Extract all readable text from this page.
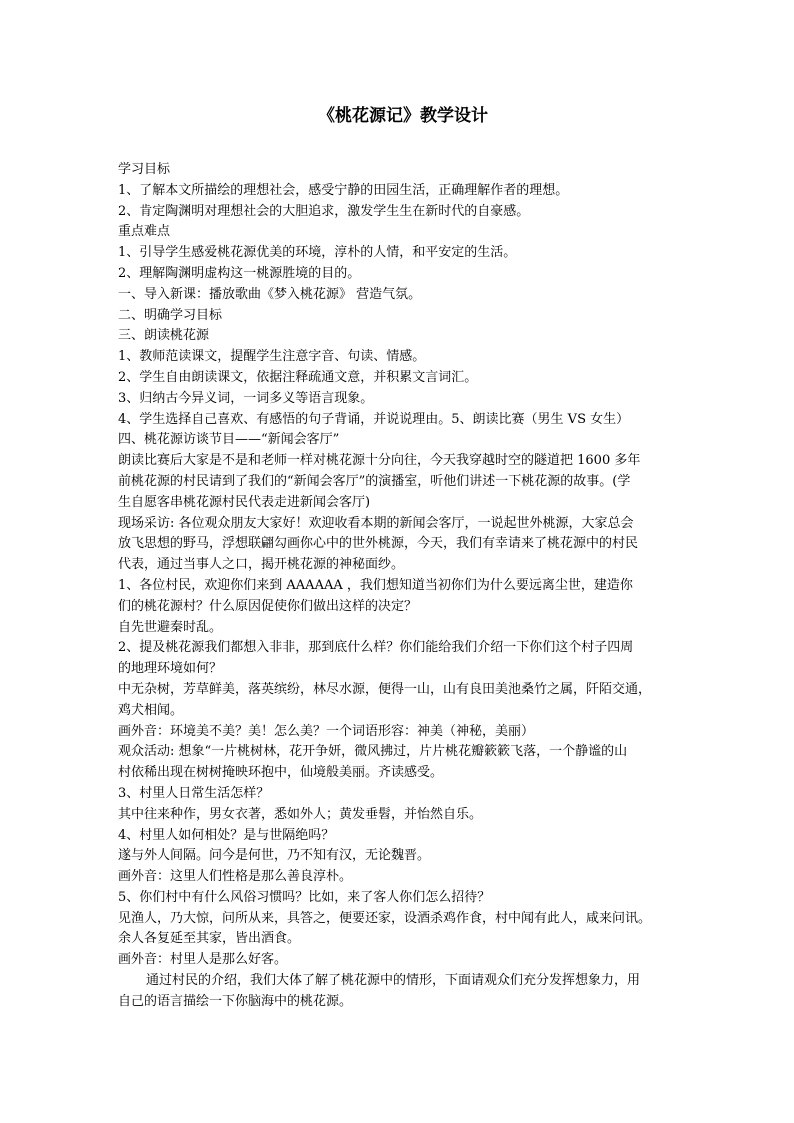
《桃花源记》教学设计
学习目标
1、了解本文所描绘的理想社会，感受宁静的田园生活，正确理解作者的理想。
2、肯定陶渊明对理想社会的大胆追求，激发学生生在新时代的自豪感。
重点难点
1、引导学生感爱桃花源优美的环境，淳朴的人情，和平安定的生活。
2、理解陶渊明虚构这一桃源胜境的目的。
一、导入新课：播放歌曲《梦入桃花源》 营造气氛。
二、明确学习目标
三、朗读桃花源
1、教师范读课文，提醒学生注意字音、句读、情感。
2、学生自由朗读课文，依据注释疏通文意，并积累文言词汇。
3、归纳古今异义词，一词多义等语言现象。
4、学生选择自己喜欢、有感悟的句子背诵，并说说理由。5、朗读比赛（男生 VS 女生）
四、桃花源访谈节目——“新闻会客厅”
朗读比赛后大家是不是和老师一样对桃花源十分向往，今天我穿越时空的隧道把 1600 多年
前桃花源的村民请到了我们的“新闻会客厅”的演播室，听他们讲述一下桃花源的故事。(学
生自愿客串桃花源村民代表走进新闻会客厅)
现场采访: 各位观众朋友大家好！欢迎收看本期的新闻会客厅，一说起世外桃源，大家总会
放飞思想的野马，浮想联翩勾画你心中的世外桃源，今天，我们有幸请来了桃花源中的村民
代表，通过当事人之口，揭开桃花源的神秘面纱。
1、各位村民，欢迎你们来到 AAAAAA ，我们想知道当初你们为什么要远离尘世，建造你
们的桃花源村？什么原因促使你们做出这样的决定？
自先世避秦时乱。
2、提及桃花源我们都想入非非，那到底什么样？你们能给我们介绍一下你们这个村子四周
的地理环境如何？
中无杂树，芳草鲜美，落英缤纷，林尽水源，便得一山，山有良田美池桑竹之属，阡陌交通，
鸡犬相闻。
画外音：环境美不美？美！怎么美？一个词语形容：神美（神秘，美丽）
观众活动: 想象“一片桃树林，花开争妍，微风拂过，片片桃花瓣簌簌飞落，一个静谧的山
村依稀出现在树树掩映环抱中，仙境般美丽。齐读感受。
3、村里人日常生活怎样？
其中往来种作，男女衣著，悉如外人；黄发垂髫，并怡然自乐。
4、村里人如何相处？是与世隔绝吗？
遂与外人间隔。问今是何世，乃不知有汉，无论魏晋。
画外音：这里人们性格是那么善良淳朴。
5、你们村中有什么风俗习惯吗？比如，来了客人你们怎么招待？
见渔人，乃大惊，问所从来，具答之，便要还家，设酒杀鸡作食，村中闻有此人，咸来问讯。
余人各复延至其家，皆出酒食。
画外音：村里人是那么好客。
通过村民的介绍，我们大体了解了桃花源中的情形，下面请观众们充分发挥想象力，用
自己的语言描绘一下你脑海中的桃花源。
